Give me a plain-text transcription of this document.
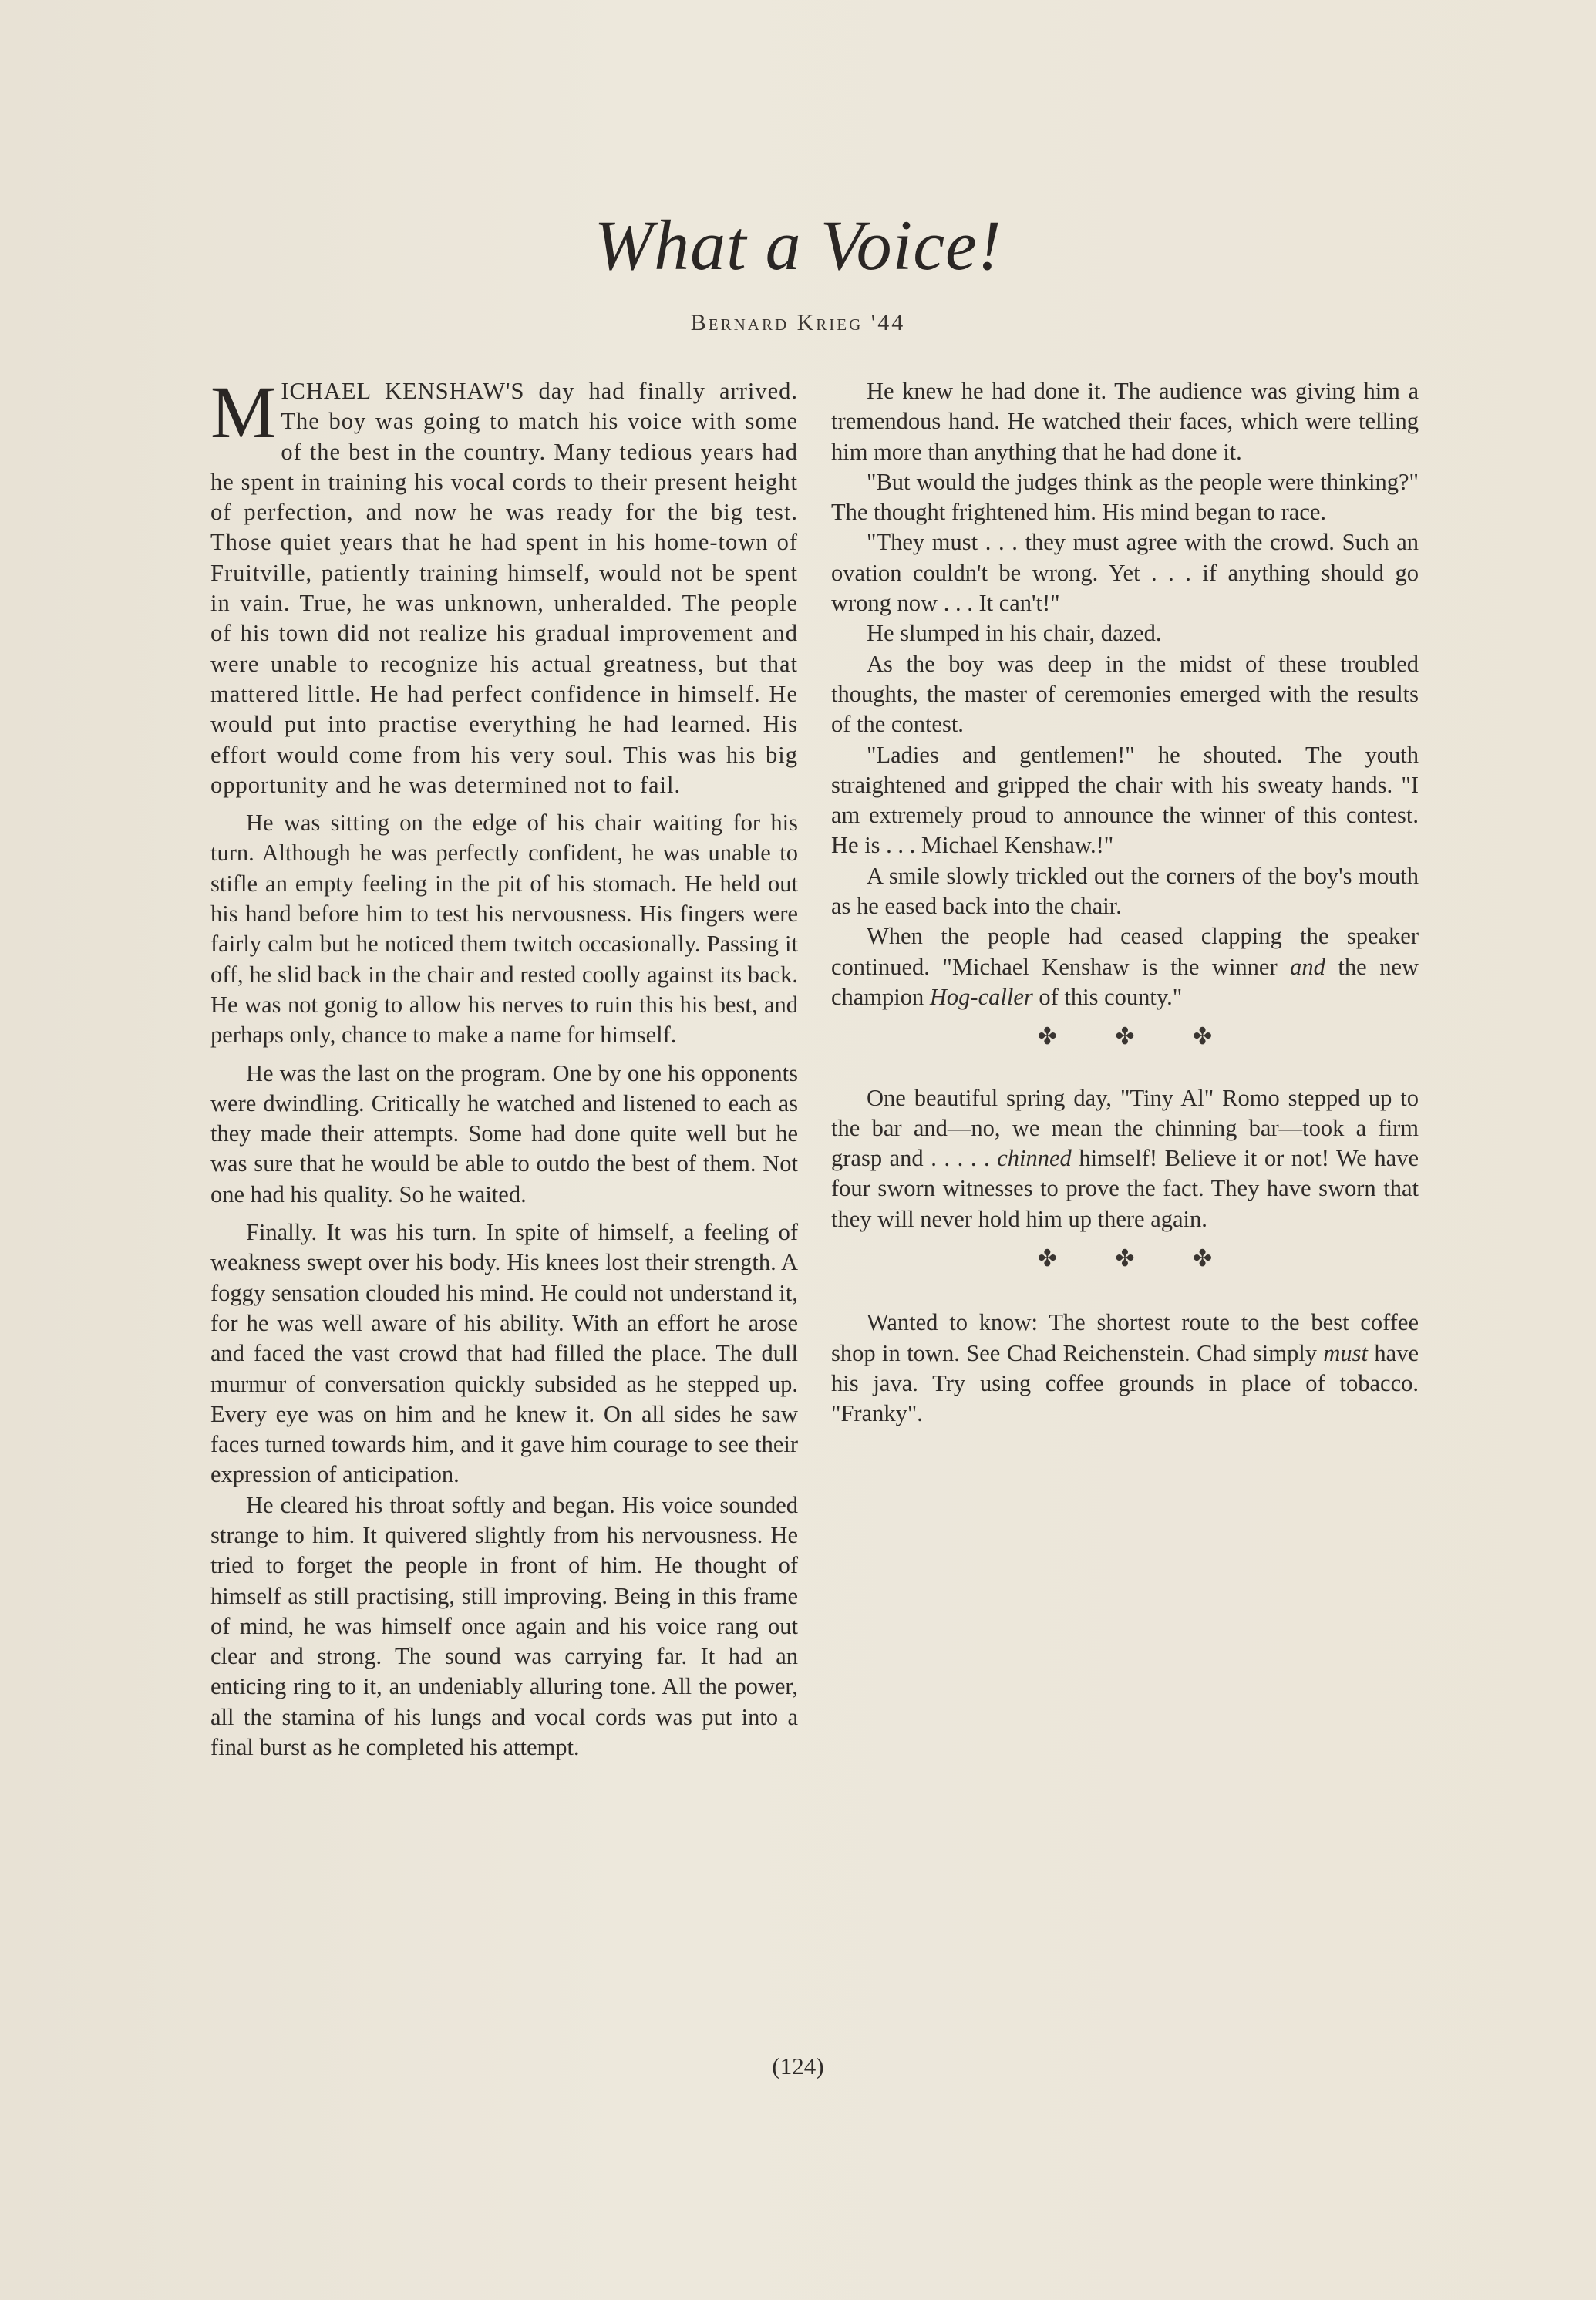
What a Voice!
Bernard Krieg '44

MICHAEL KENSHAW'S day had finally arrived. The boy was going to match his voice with some of the best in the country. Many tedious years had he spent in training his vocal cords to their present height of perfection, and now he was ready for the big test. Those quiet years that he had spent in his home-town of Fruitville, patiently training himself, would not be spent in vain. True, he was unknown, unheralded. The people of his town did not realize his gradual improvement and were unable to recognize his actual greatness, but that mattered little. He had perfect confidence in himself. He would put into practise everything he had learned. His effort would come from his very soul. This was his big opportunity and he was determined not to fail.

He was sitting on the edge of his chair waiting for his turn. Although he was perfectly confident, he was unable to stifle an empty feeling in the pit of his stomach. He held out his hand before him to test his nervousness. His fingers were fairly calm but he noticed them twitch occasionally. Passing it off, he slid back in the chair and rested coolly against its back. He was not gonig to allow his nerves to ruin this his best, and perhaps only, chance to make a name for himself.

He was the last on the program. One by one his opponents were dwindling. Critically he watched and listened to each as they made their attempts. Some had done quite well but he was sure that he would be able to outdo the best of them. Not one had his quality. So he waited.

Finally. It was his turn. In spite of himself, a feeling of weakness swept over his body. His knees lost their strength. A foggy sensation clouded his mind. He could not understand it, for he was well aware of his ability. With an effort he arose and faced the vast crowd that had filled the place. The dull murmur of conversation quickly subsided as he stepped up. Every eye was on him and he knew it. On all sides he saw faces turned towards him, and it gave him courage to see their expression of anticipation.

He cleared his throat softly and began. His voice sounded strange to him. It quivered slightly from his nervousness. He tried to forget the people in front of him. He thought of himself as still practising, still improving. Being in this frame of mind, he was himself once again and his voice rang out clear and strong. The sound was carrying far. It had an enticing ring to it, an undeniably alluring tone. All the power, all the stamina of his lungs and vocal cords was put into a final burst as he completed his attempt.

He knew he had done it. The audience was giving him a tremendous hand. He watched their faces, which were telling him more than anything that he had done it.

"But would the judges think as the people were thinking?" The thought frightened him. His mind began to race.

"They must . . . they must agree with the crowd. Such an ovation couldn't be wrong. Yet . . . if anything should go wrong now . . . It can't!"

He slumped in his chair, dazed.

As the boy was deep in the midst of these troubled thoughts, the master of ceremonies emerged with the results of the contest.

"Ladies and gentlemen!" he shouted. The youth straightened and gripped the chair with his sweaty hands. "I am extremely proud to announce the winner of this contest. He is . . . Michael Kenshaw.!"

A smile slowly trickled out the corners of the boy's mouth as he eased back into the chair.

When the people had ceased clapping the speaker continued. "Michael Kenshaw is the winner and the new champion Hog-caller of this county."

✤ ✤ ✤

One beautiful spring day, "Tiny Al" Romo stepped up to the bar and—no, we mean the chinning bar—took a firm grasp and . . . . . chinned himself! Believe it or not! We have four sworn witnesses to prove the fact. They have sworn that they will never hold him up there again.

✤ ✤ ✤

Wanted to know: The shortest route to the best coffee shop in town. See Chad Reichenstein. Chad simply must have his java. Try using coffee grounds in place of tobacco. "Franky".

(124)
